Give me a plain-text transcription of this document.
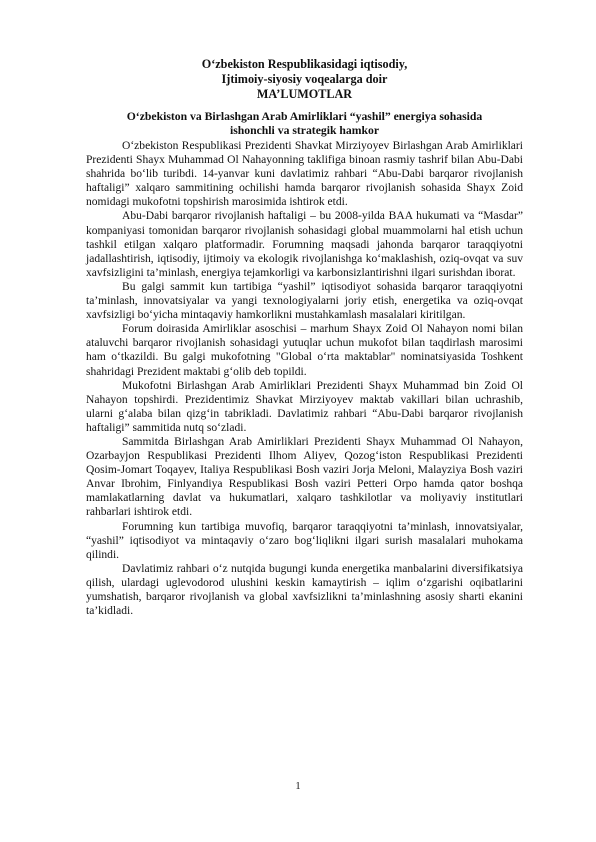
O‘zbekiston Respublikasidagi iqtisodiy,

Ijtimoiy-siyosiy voqealarga doir

MA’LUMOTLAR

O‘zbekiston va Birlashgan Arab Amirliklari “yashil” energiya sohasida
ishonchli va strategik hamkor

O‘zbekiston Respublikasi Prezidenti Shavkat Mirziyoyev Birlashgan Arab Amirliklari Prezidenti Shayx Muhammad Ol Nahayonning taklifiga binoan rasmiy tashrif bilan Abu-Dabi shahrida bo‘lib turibdi. 14-yanvar kuni davlatimiz rahbari “Abu-Dabi barqaror rivojlanish haftaligi” xalqaro sammitining ochilishi hamda barqaror rivojlanish sohasida Shayx Zoid nomidagi mukofotni topshirish marosimida ishtirok etdi.

Abu-Dabi barqaror rivojlanish haftaligi – bu 2008-yilda BAA hukumati va “Masdar” kompaniyasi tomonidan barqaror rivojlanish sohasidagi global muammolarni hal etish uchun tashkil etilgan xalqaro platformadir. Forumning maqsadi jahonda barqaror taraqqiyotni jadallashtirish, iqtisodiy, ijtimoiy va ekologik rivojlanishga ko‘maklashish, oziq-ovqat va suv xavfsizligini ta’minlash, energiya tejamkorligi va karbonsizlantirishni ilgari surishdan iborat.

Bu galgi sammit kun tartibiga “yashil” iqtisodiyot sohasida barqaror taraqqiyotni ta’minlash, innovatsiyalar va yangi texnologiyalarni joriy etish, energetika va oziq-ovqat xavfsizligi bo‘yicha mintaqaviy hamkorlikni mustahkamlash masalalari kiritilgan.

Forum doirasida Amirliklar asoschisi – marhum Shayx Zoid Ol Nahayon nomi bilan ataluvchi barqaror rivojlanish sohasidagi yutuqlar uchun mukofot bilan taqdirlash marosimi ham o‘tkazildi. Bu galgi mukofotning "Global o‘rta maktablar" nominatsiyasida Toshkent shahridagi Prezident maktabi g‘olib deb topildi.

Mukofotni Birlashgan Arab Amirliklari Prezidenti Shayx Muhammad bin Zoid Ol Nahayon topshirdi. Prezidentimiz Shavkat Mirziyoyev maktab vakillari bilan uchrashib, ularni g‘alaba bilan qizg‘in tabrikladi. Davlatimiz rahbari “Abu-Dabi barqaror rivojlanish haftaligi” sammitida nutq so‘zladi.

Sammitda Birlashgan Arab Amirliklari Prezidenti Shayx Muhammad Ol Nahayon, Ozarbayjon Respublikasi Prezidenti Ilhom Aliyev, Qozog‘iston Respublikasi Prezidenti Qosim-Jomart Toqayev, Italiya Respublikasi Bosh vaziri Jorja Meloni, Malayziya Bosh vaziri Anvar Ibrohim, Finlyandiya Respublikasi Bosh vaziri Petteri Orpo hamda qator boshqa mamlakatlarning davlat va hukumatlari, xalqaro tashkilotlar va moliyaviy institutlari rahbarlari ishtirok etdi.

Forumning kun tartibiga muvofiq, barqaror taraqqiyotni ta’minlash, innovatsiyalar, “yashil” iqtisodiyot va mintaqaviy o‘zaro bog‘liqlikni ilgari surish masalalari muhokama qilindi.

Davlatimiz rahbari o‘z nutqida bugungi kunda energetika manbalarini diversifikatsiya qilish, ulardagi uglevodorod ulushini keskin kamaytirish – iqlim o‘zgarishi oqibatlarini yumshatish, barqaror rivojlanish va global xavfsizlikni ta’minlashning asosiy sharti ekanini ta’kidladi.

1
